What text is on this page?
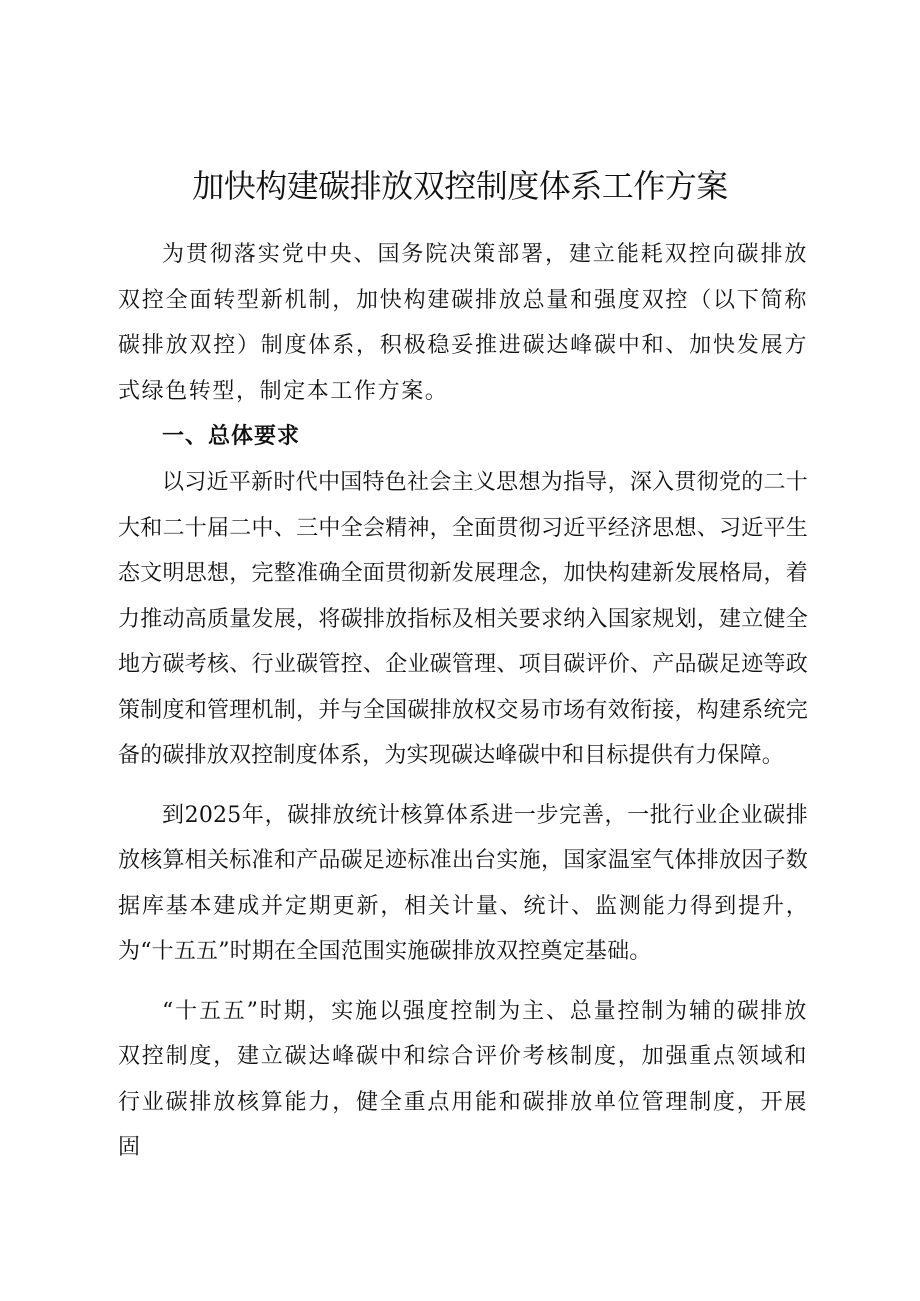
加快构建碳排放双控制度体系工作方案

为贯彻落实党中央、国务院决策部署，建立能耗双控向碳排放双控全面转型新机制，加快构建碳排放总量和强度双控（以下简称碳排放双控）制度体系，积极稳妥推进碳达峰碳中和、加快发展方式绿色转型，制定本工作方案。

一、总体要求

以习近平新时代中国特色社会主义思想为指导，深入贯彻党的二十大和二十届二中、三中全会精神，全面贯彻习近平经济思想、习近平生态文明思想，完整准确全面贯彻新发展理念，加快构建新发展格局，着力推动高质量发展，将碳排放指标及相关要求纳入国家规划，建立健全地方碳考核、行业碳管控、企业碳管理、项目碳评价、产品碳足迹等政策制度和管理机制，并与全国碳排放权交易市场有效衔接，构建系统完备的碳排放双控制度体系，为实现碳达峰碳中和目标提供有力保障。

到2025年，碳排放统计核算体系进一步完善，一批行业企业碳排放核算相关标准和产品碳足迹标准出台实施，国家温室气体排放因子数据库基本建成并定期更新，相关计量、统计、监测能力得到提升，为“十五五”时期在全国范围实施碳排放双控奠定基础。

“十五五”时期，实施以强度控制为主、总量控制为辅的碳排放双控制度，建立碳达峰碳中和综合评价考核制度，加强重点领域和行业碳排放核算能力，健全重点用能和碳排放单位管理制度，开展固
